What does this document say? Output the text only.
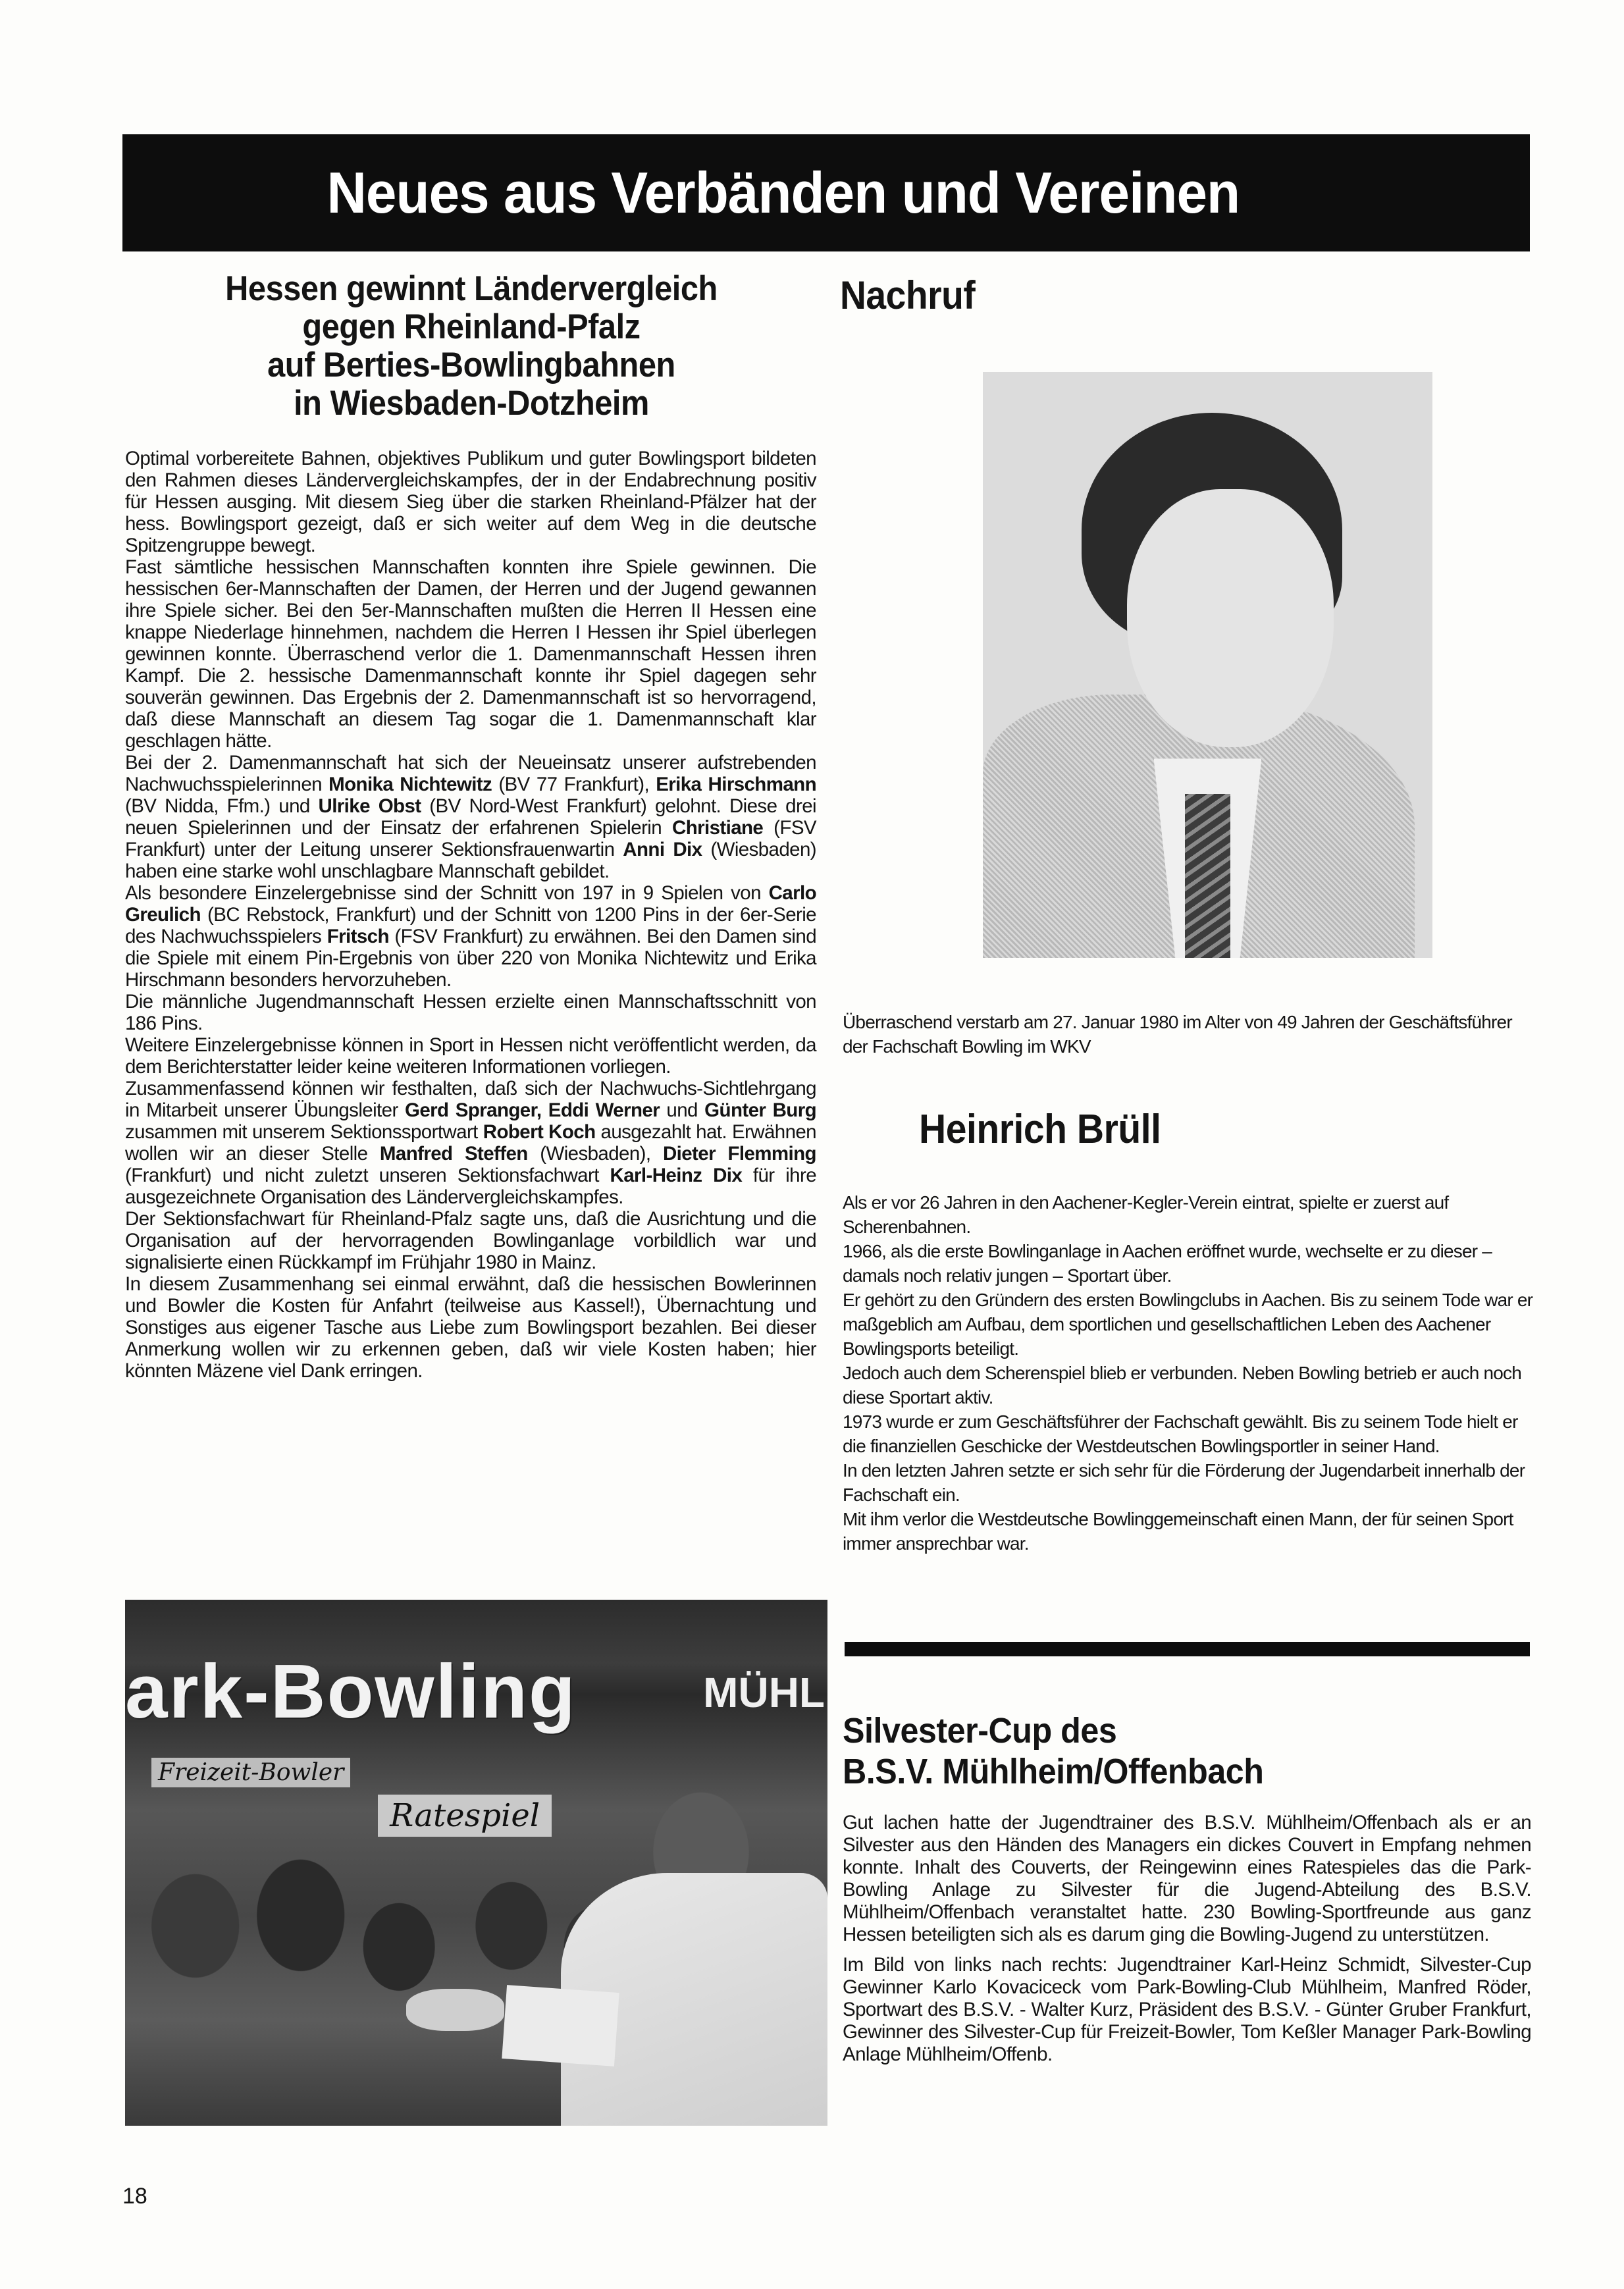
Neues aus Verbänden und Vereinen
Hessen gewinnt Ländervergleich
gegen Rheinland-Pfalz
auf Berties-Bowlingbahnen
in Wiesbaden-Dotzheim

Optimal vorbereitete Bahnen, objektives Publikum und guter Bowlingsport bildeten den Rahmen dieses Ländervergleichskampfes, der in der Endabrechnung positiv für Hessen ausging. Mit diesem Sieg über die starken Rheinland-Pfälzer hat der hess. Bowlingsport gezeigt, daß er sich weiter auf dem Weg in die deutsche Spitzengruppe bewegt.

Fast sämtliche hessischen Mannschaften konnten ihre Spiele gewinnen. Die hessischen 6er-Mannschaften der Damen, der Herren und der Jugend gewannen ihre Spiele sicher. Bei den 5er-Mannschaften mußten die Herren II Hessen eine knappe Niederlage hinnehmen, nachdem die Herren I Hessen ihr Spiel überlegen gewinnen konnte. Überraschend verlor die 1. Damenmannschaft Hessen ihren Kampf. Die 2. hessische Damenmannschaft konnte ihr Spiel dagegen sehr souverän gewinnen. Das Ergebnis der 2. Damenmannschaft ist so hervorragend, daß diese Mannschaft an diesem Tag sogar die 1. Damenmannschaft klar geschlagen hätte.

Bei der 2. Damenmannschaft hat sich der Neueinsatz unserer aufstrebenden Nachwuchsspielerinnen Monika Nichtewitz (BV 77 Frankfurt), Erika Hirschmann (BV Nidda, Ffm.) und Ulrike Obst (BV Nord-West Frankfurt) gelohnt. Diese drei neuen Spielerinnen und der Einsatz der erfahrenen Spielerin Christiane (FSV Frankfurt) unter der Leitung unserer Sektionsfrauenwartin Anni Dix (Wiesbaden) haben eine starke wohl unschlagbare Mannschaft gebildet.

Als besondere Einzelergebnisse sind der Schnitt von 197 in 9 Spielen von Carlo Greulich (BC Rebstock, Frankfurt) und der Schnitt von 1200 Pins in der 6er-Serie des Nachwuchsspielers Fritsch (FSV Frankfurt) zu erwähnen. Bei den Damen sind die Spiele mit einem Pin-Ergebnis von über 220 von Monika Nichtewitz und Erika Hirschmann besonders hervorzuheben.

Die männliche Jugendmannschaft Hessen erzielte einen Mannschaftsschnitt von 186 Pins.

Weitere Einzelergebnisse können in Sport in Hessen nicht veröffentlicht werden, da dem Berichterstatter leider keine weiteren Informationen vorliegen.

Zusammenfassend können wir festhalten, daß sich der Nachwuchs-Sichtlehrgang in Mitarbeit unserer Übungsleiter Gerd Spranger, Eddi Werner und Günter Burg zusammen mit unserem Sektionssportwart Robert Koch ausgezahlt hat. Erwähnen wollen wir an dieser Stelle Manfred Steffen (Wiesbaden), Dieter Flemming (Frankfurt) und nicht zuletzt unseren Sektionsfachwart Karl-Heinz Dix für ihre ausgezeichnete Organisation des Ländervergleichskampfes.

Der Sektionsfachwart für Rheinland-Pfalz sagte uns, daß die Ausrichtung und die Organisation auf der hervorragenden Bowlinganlage vorbildlich war und signalisierte einen Rückkampf im Frühjahr 1980 in Mainz.

In diesem Zusammenhang sei einmal erwähnt, daß die hessischen Bowlerinnen und Bowler die Kosten für Anfahrt (teilweise aus Kassel!), Übernachtung und Sonstiges aus eigener Tasche aus Liebe zum Bowlingsport bezahlen. Bei dieser Anmerkung wollen wir zu erkennen geben, daß wir viele Kosten haben; hier könnten Mäzene viel Dank erringen.

ark-Bowling	MÜHL
Freizeit-Bowler
Ratespiel
Nachruf
Überraschend verstarb am 27. Januar 1980 im Alter von 49 Jahren der Geschäftsführer der Fachschaft Bowling im WKV
Heinrich Brüll

Als er vor 26 Jahren in den Aachener-Kegler-Verein eintrat, spielte er zuerst auf Scherenbahnen.

1966, als die erste Bowlinganlage in Aachen eröffnet wurde, wechselte er zu dieser – damals noch relativ jungen – Sportart über.

Er gehört zu den Gründern des ersten Bowlingclubs in Aachen. Bis zu seinem Tode war er maßgeblich am Aufbau, dem sportlichen und gesellschaftlichen Leben des Aachener Bowlingsports beteiligt.

Jedoch auch dem Scherenspiel blieb er verbunden. Neben Bowling betrieb er auch noch diese Sportart aktiv.

1973 wurde er zum Geschäftsführer der Fachschaft gewählt. Bis zu seinem Tode hielt er die finanziellen Geschicke der Westdeutschen Bowlingsportler in seiner Hand.

In den letzten Jahren setzte er sich sehr für die Förderung der Jugendarbeit innerhalb der Fachschaft ein.

Mit ihm verlor die Westdeutsche Bowlinggemeinschaft einen Mann, der für seinen Sport immer ansprechbar war.

Silvester-Cup des
B.S.V. Mühlheim/Offenbach

Gut lachen hatte der Jugendtrainer des B.S.V. Mühlheim/Offenbach als er an Silvester aus den Händen des Managers ein dickes Couvert in Empfang nehmen konnte. Inhalt des Couverts, der Reingewinn eines Ratespieles das die Park-Bowling Anlage zu Silvester für die Jugend-Abteilung des B.S.V. Mühlheim/Offenbach veranstaltet hatte. 230 Bowling-Sportfreunde aus ganz Hessen beteiligten sich als es darum ging die Bowling-Jugend zu unterstützen.

Im Bild von links nach rechts: Jugendtrainer Karl-Heinz Schmidt, Silvester-Cup Gewinner Karlo Kovaciceck vom Park-Bowling-Club Mühlheim, Manfred Röder, Sportwart des B.S.V. - Walter Kurz, Präsident des B.S.V. - Günter Gruber Frankfurt, Gewinner des Silvester-Cup für Freizeit-Bowler, Tom Keßler Manager Park-Bowling Anlage Mühlheim/Offenb.

18
